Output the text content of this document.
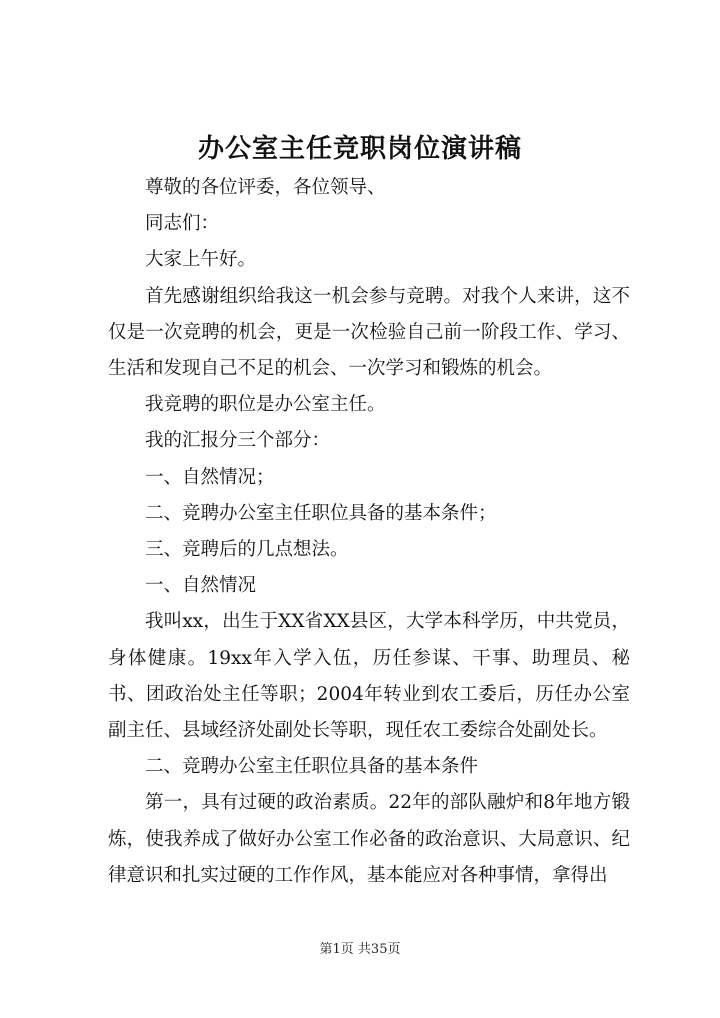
办公室主任竞职岗位演讲稿

尊敬的各位评委，各位领导、

同志们：

大家上午好。

首先感谢组织给我这一机会参与竞聘。对我个人来讲，这不仅是一次竞聘的机会，更是一次检验自己前一阶段工作、学习、生活和发现自己不足的机会、一次学习和锻炼的机会。

我竞聘的职位是办公室主任。

我的汇报分三个部分：

一、自然情况；

二、竞聘办公室主任职位具备的基本条件；

三、竞聘后的几点想法。

一、自然情况

我叫xx，出生于XX省XX县区，大学本科学历，中共党员，身体健康。19xx年入学入伍，历任参谋、干事、助理员、秘书、团政治处主任等职；2004年转业到农工委后，历任办公室副主任、县域经济处副处长等职，现任农工委综合处副处长。

二、竞聘办公室主任职位具备的基本条件

第一，具有过硬的政治素质。22年的部队融炉和8年地方锻炼，使我养成了做好办公室工作必备的政治意识、大局意识、纪律意识和扎实过硬的工作作风，基本能应对各种事情，拿得出

第1页 共35页
